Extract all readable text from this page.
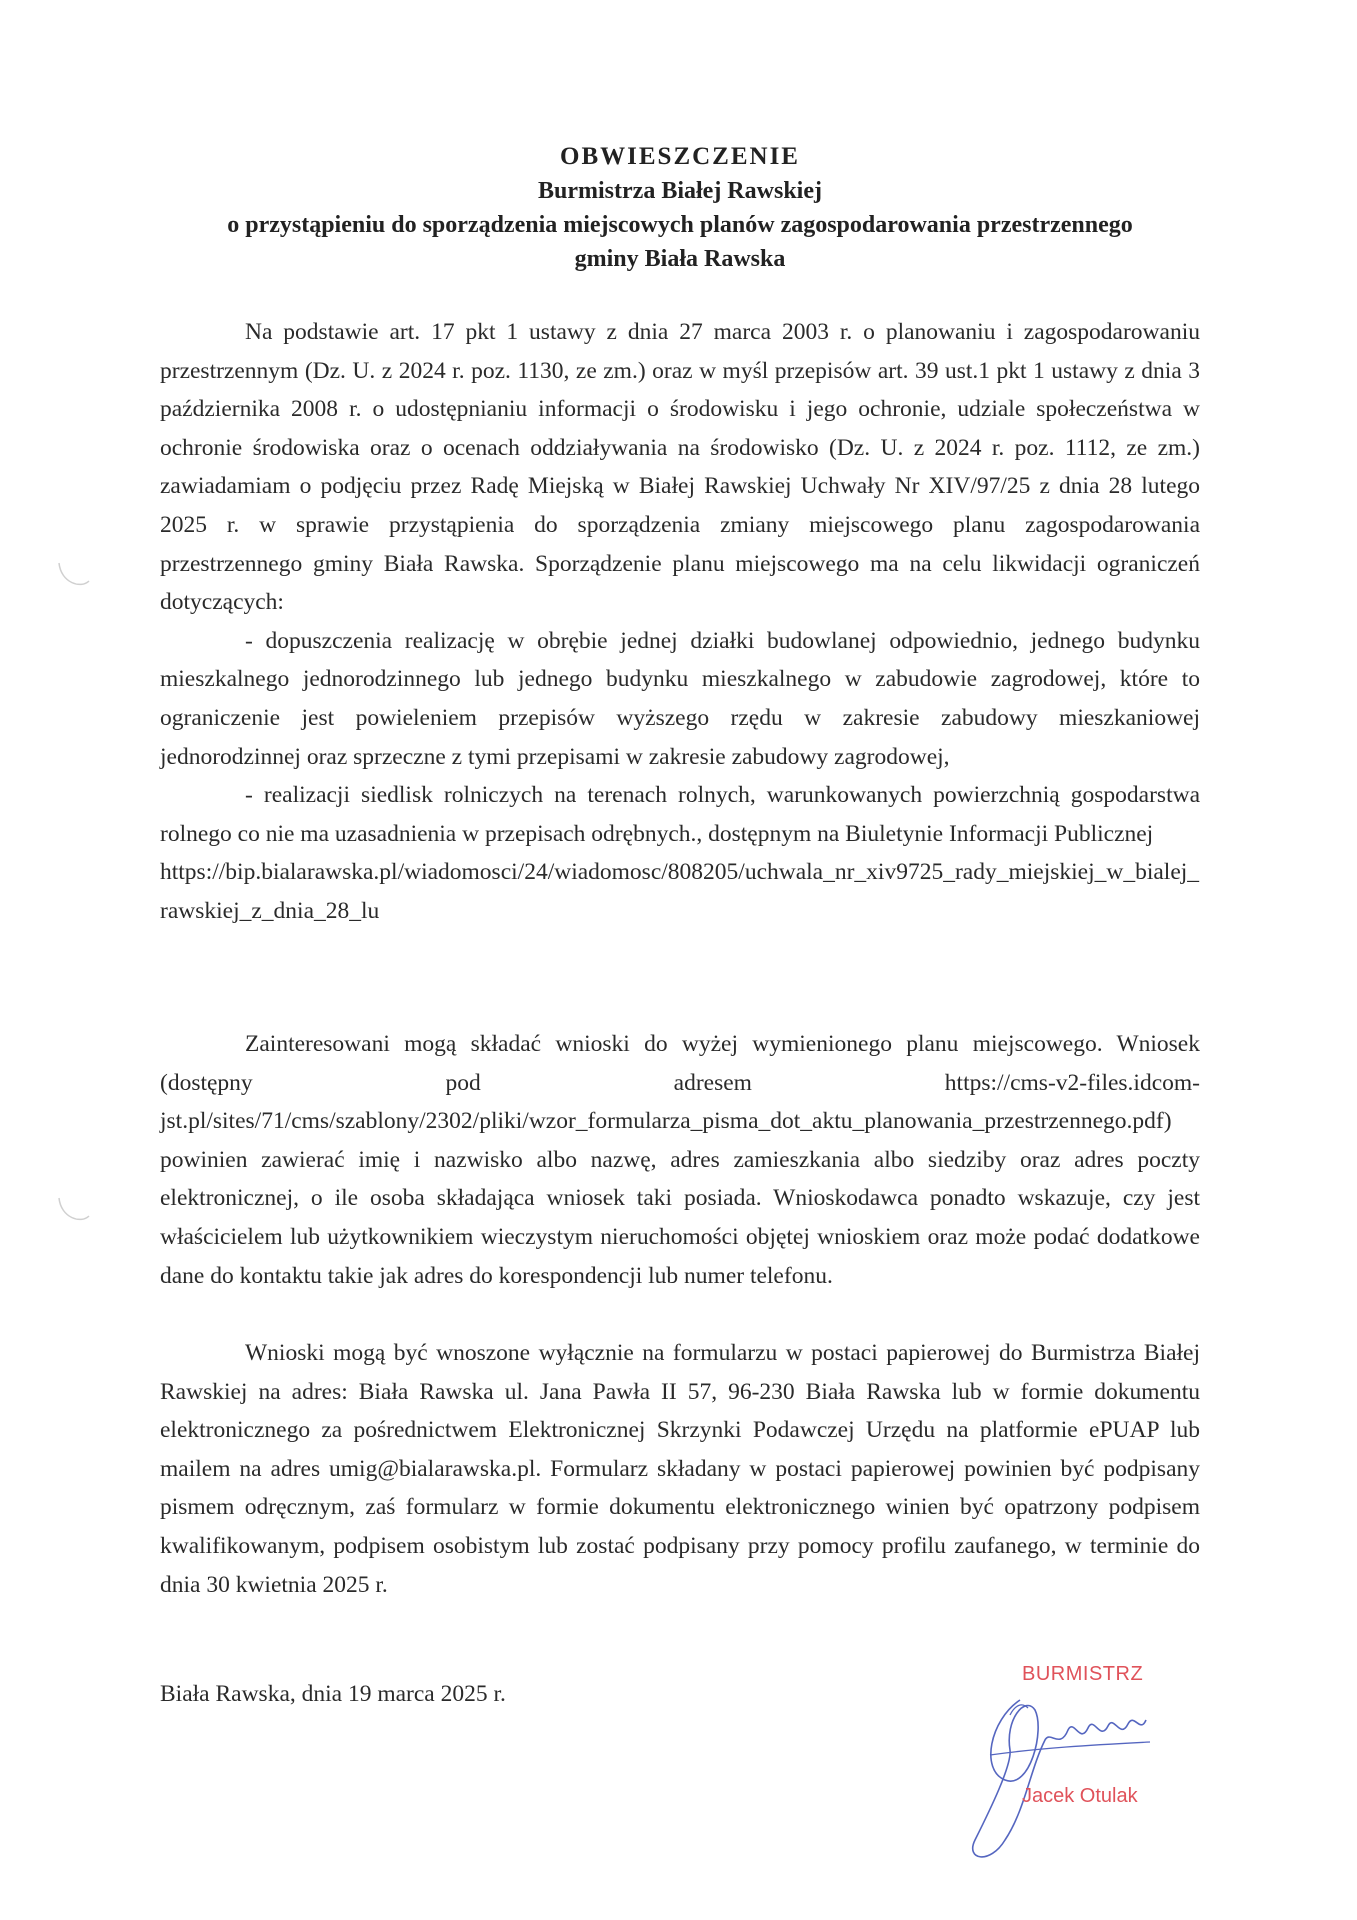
OBWIESZCZENIE
Burmistrza Białej Rawskiej
o przystąpieniu do sporządzenia miejscowych planów zagospodarowania przestrzennego
gminy Biała Rawska

Na podstawie art. 17 pkt 1 ustawy z dnia 27 marca 2003 r. o planowaniu i zagospodarowaniu przestrzennym (Dz. U. z 2024 r. poz. 1130, ze zm.) oraz w myśl przepisów art. 39 ust.1 pkt 1 ustawy z dnia 3 października 2008 r. o udostępnianiu informacji o środowisku i jego ochronie, udziale społeczeństwa w ochronie środowiska oraz o ocenach oddziaływania na środowisko (Dz. U. z 2024 r. poz. 1112, ze zm.) zawiadamiam o podjęciu przez Radę Miejską w Białej Rawskiej Uchwały Nr XIV/97/25 z dnia 28 lutego 2025 r. w sprawie przystąpienia do sporządzenia zmiany miejscowego planu zagospodarowania przestrzennego gminy Biała Rawska. Sporządzenie planu miejscowego ma na celu likwidacji ograniczeń dotyczących:

- dopuszczenia realizację w obrębie jednej działki budowlanej odpowiednio, jednego budynku mieszkalnego jednorodzinnego lub jednego budynku mieszkalnego w zabudowie zagrodowej, które to ograniczenie jest powieleniem przepisów wyższego rzędu w zakresie zabudowy mieszkaniowej jednorodzinnej oraz sprzeczne z tymi przepisami w zakresie zabudowy zagrodowej,

- realizacji siedlisk rolniczych na terenach rolnych, warunkowanych powierzchnią gospodarstwa rolnego co nie ma uzasadnienia w przepisach odrębnych., dostępnym na Biuletynie Informacji Publicznej

https://bip.bialarawska.pl/wiadomosci/24/wiadomosc/808205/uchwala_nr_xiv9725_rady_miejskiej_w_bialej_rawskiej_z_dnia_28_lu

Zainteresowani mogą składać wnioski do wyżej wymienionego planu miejscowego. Wniosek (dostępny pod adresem https://cms-v2-files.idcom-jst.pl/sites/71/cms/szablony/2302/pliki/wzor_formularza_pisma_dot_aktu_planowania_przestrzennego.pdf) powinien zawierać imię i nazwisko albo nazwę, adres zamieszkania albo siedziby oraz adres poczty elektronicznej, o ile osoba składająca wniosek taki posiada. Wnioskodawca ponadto wskazuje, czy jest właścicielem lub użytkownikiem wieczystym nieruchomości objętej wnioskiem oraz może podać dodatkowe dane do kontaktu takie jak adres do korespondencji lub numer telefonu.

Wnioski mogą być wnoszone wyłącznie na formularzu w postaci papierowej do Burmistrza Białej Rawskiej na adres: Biała Rawska ul. Jana Pawła II 57, 96-230 Biała Rawska lub w formie dokumentu elektronicznego za pośrednictwem Elektronicznej Skrzynki Podawczej Urzędu na platformie ePUAP lub mailem na adres umig@bialarawska.pl. Formularz składany w postaci papierowej powinien być podpisany pismem odręcznym, zaś formularz w formie dokumentu elektronicznego winien być opatrzony podpisem kwalifikowanym, podpisem osobistym lub zostać podpisany przy pomocy profilu zaufanego, w terminie do dnia 30 kwietnia 2025 r.

Biała Rawska, dnia 19 marca 2025 r.
BURMISTRZ
Jacek Otulak
